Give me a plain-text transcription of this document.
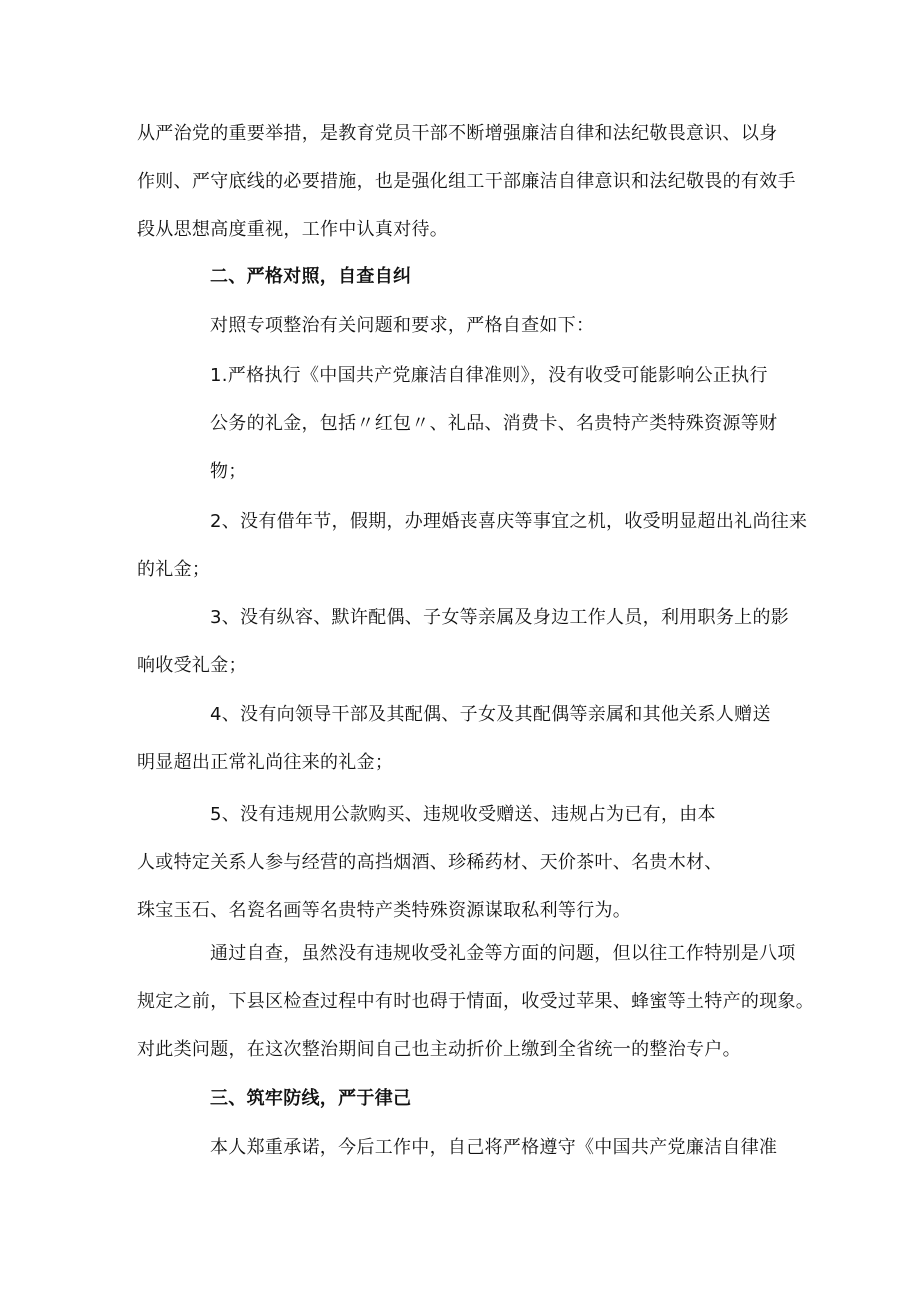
从严治党的重要举措，是教育党员干部不断增强廉洁自律和法纪敬畏意识、以身
作则、严守底线的必要措施，也是强化组工干部廉洁自律意识和法纪敬畏的有效手
段从思想高度重视，工作中认真对待。
二、严格对照，自查自纠
对照专项整治有关问题和要求，严格自查如下：
1.严格执行《中国共产党廉洁自律准则》，没有收受可能影响公正执行
公务的礼金，包括〃红包〃、礼品、消费卡、名贵特产类特殊资源等财
物；
2、没有借年节，假期，办理婚丧喜庆等事宜之机，收受明显超出礼尚往来
的礼金；
3、没有纵容、默许配偶、子女等亲属及身边工作人员，利用职务上的影
响收受礼金；
4、没有向领导干部及其配偶、子女及其配偶等亲属和其他关系人赠送
明显超出正常礼尚往来的礼金；
5、没有违规用公款购买、违规收受赠送、违规占为已有，由本
人或特定关系人参与经营的高挡烟酒、珍稀药材、天价茶叶、名贵木材、
珠宝玉石、名瓷名画等名贵特产类特殊资源谋取私利等行为。
通过自查，虽然没有违规收受礼金等方面的问题，但以往工作特别是八项
规定之前，下县区检查过程中有时也碍于情面，收受过苹果、蜂蜜等土特产的现象。
对此类问题，在这次整治期间自己也主动折价上缴到全省统一的整治专户。
三、筑牢防线，严于律己
本人郑重承诺，今后工作中，自己将严格遵守《中国共产党廉洁自律准
